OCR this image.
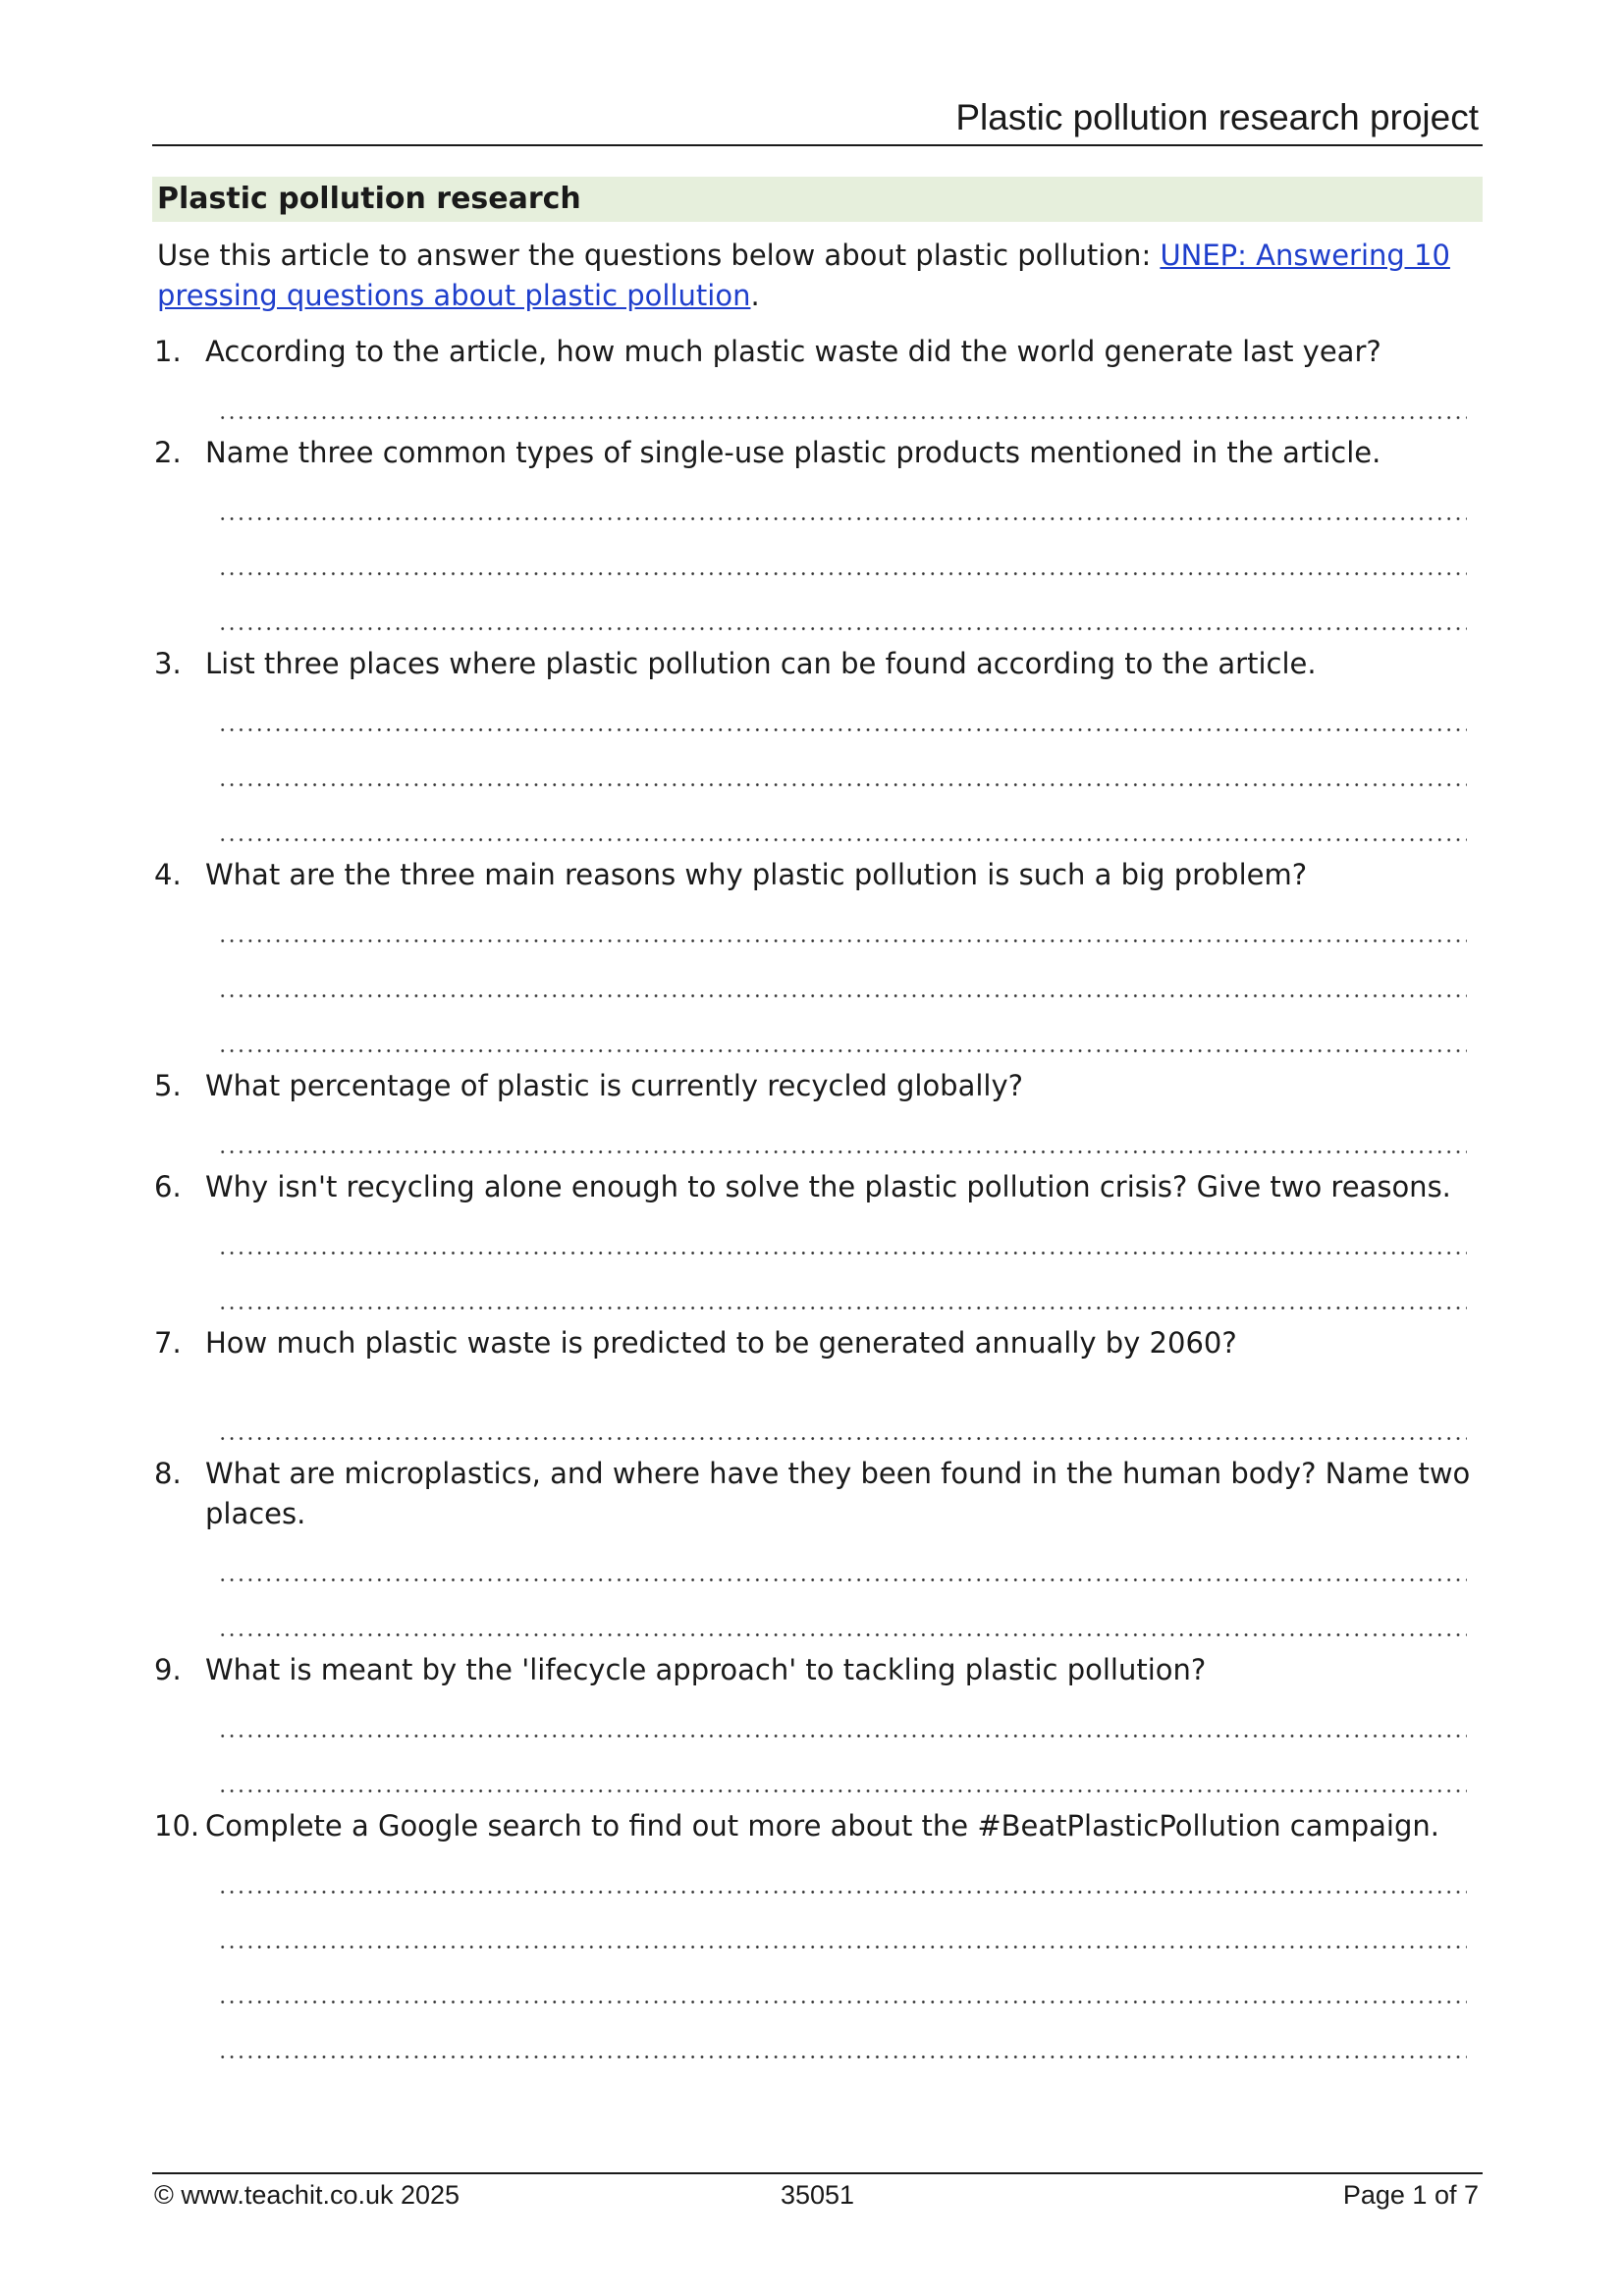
Plastic pollution research project
Plastic pollution research
Use this article to answer the questions below about plastic pollution: UNEP: Answering 10 pressing questions about plastic pollution.
1. According to the article, how much plastic waste did the world generate last year?
2. Name three common types of single-use plastic products mentioned in the article.
3. List three places where plastic pollution can be found according to the article.
4. What are the three main reasons why plastic pollution is such a big problem?
5. What percentage of plastic is currently recycled globally?
6. Why isn't recycling alone enough to solve the plastic pollution crisis? Give two reasons.
7. How much plastic waste is predicted to be generated annually by 2060?
8. What are microplastics, and where have they been found in the human body? Name two places.
9. What is meant by the 'lifecycle approach' to tackling plastic pollution?
10. Complete a Google search to find out more about the #BeatPlasticPollution campaign.
© www.teachit.co.uk 2025	35051	Page 1 of 7
